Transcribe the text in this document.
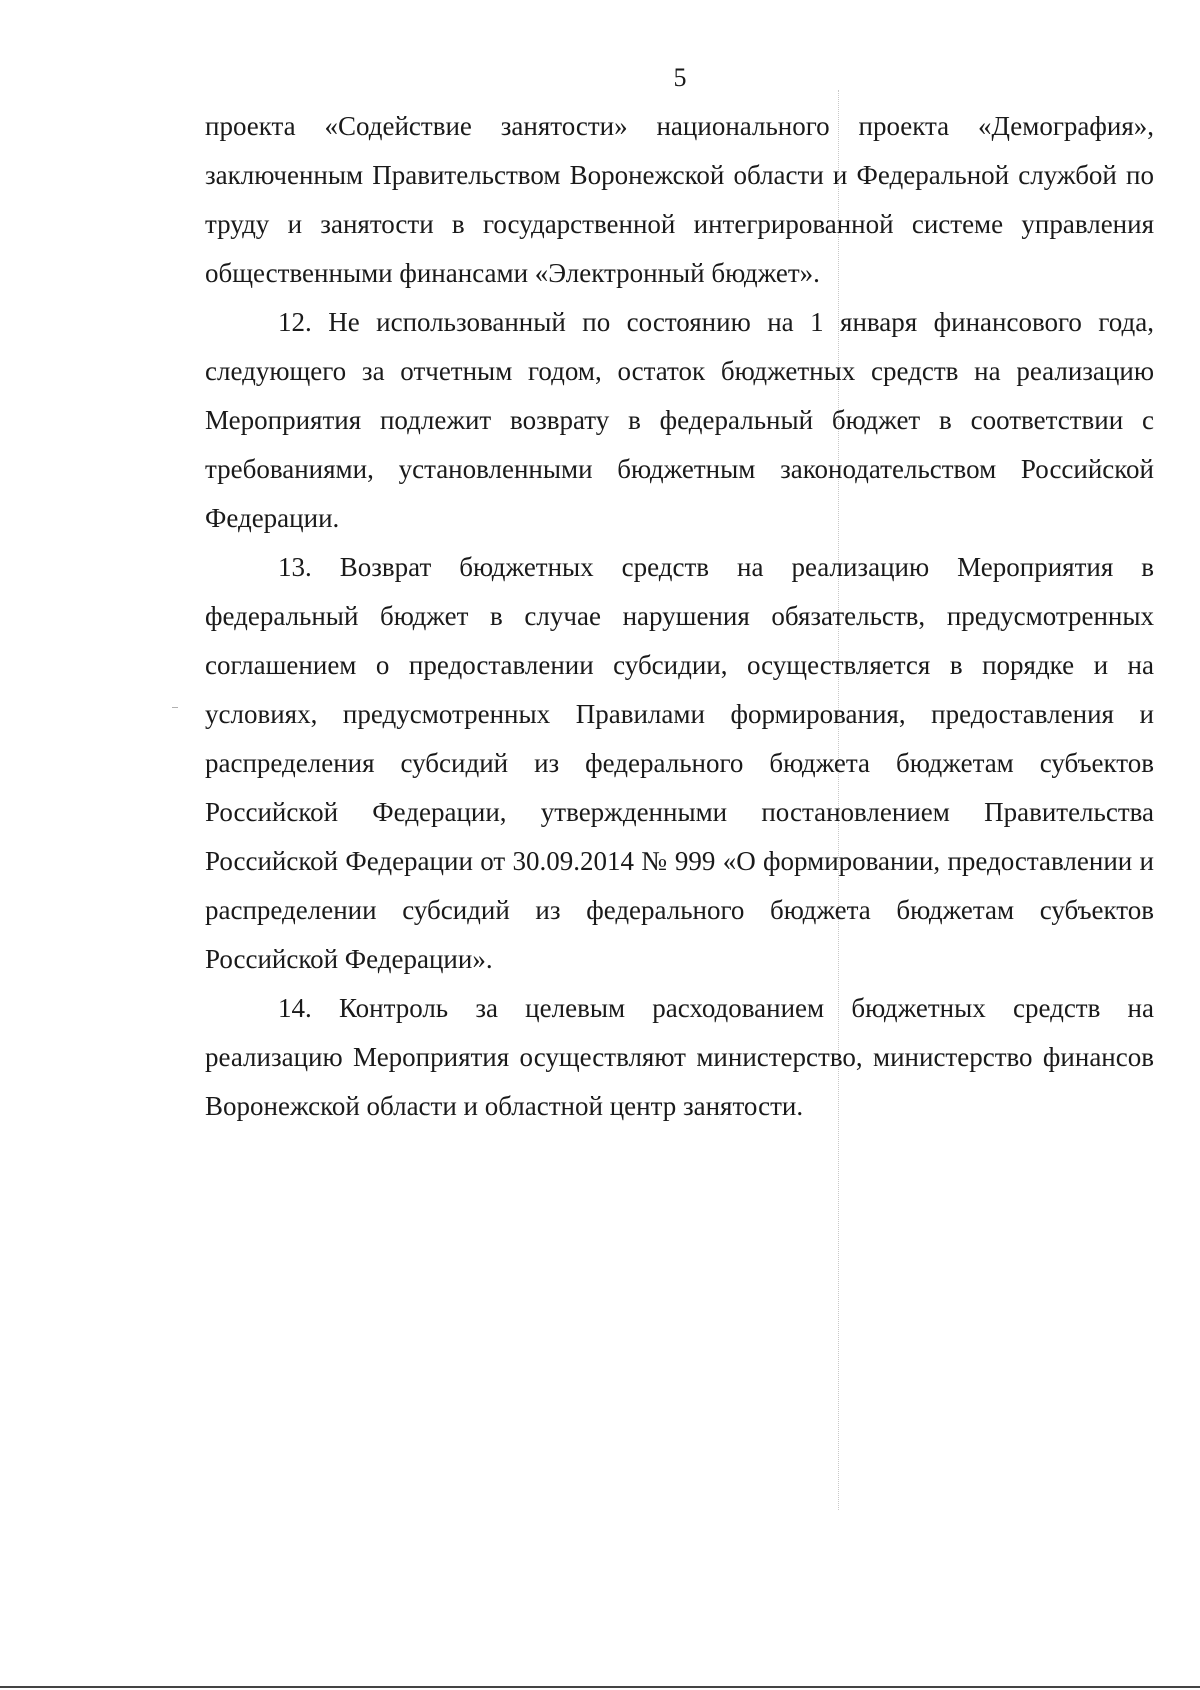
5

проекта «Содействие занятости» национального проекта «Демография», заключенным Правительством Воронежской области и Федеральной службой по труду и занятости в государственной интегрированной системе управления общественными финансами «Электронный бюджет».

12. Не использованный по состоянию на 1 января финансового года, следующего за отчетным годом, остаток бюджетных средств на реализацию Мероприятия подлежит возврату в федеральный бюджет в соответствии с требованиями, установленными бюджетным законодательством Российской Федерации.

13. Возврат бюджетных средств на реализацию Мероприятия в федеральный бюджет в случае нарушения обязательств, предусмотренных соглашением о предоставлении субсидии, осуществляется в порядке и на условиях, предусмотренных Правилами формирования, предоставления и распределения субсидий из федерального бюджета бюджетам субъектов Российской Федерации, утвержденными постановлением Правительства Российской Федерации от 30.09.2014 № 999 «О формировании, предоставлении и распределении субсидий из федерального бюджета бюджетам субъектов Российской Федерации».

14. Контроль за целевым расходованием бюджетных средств на реализацию Мероприятия осуществляют министерство, министерство финансов Воронежской области и областной центр занятости.
